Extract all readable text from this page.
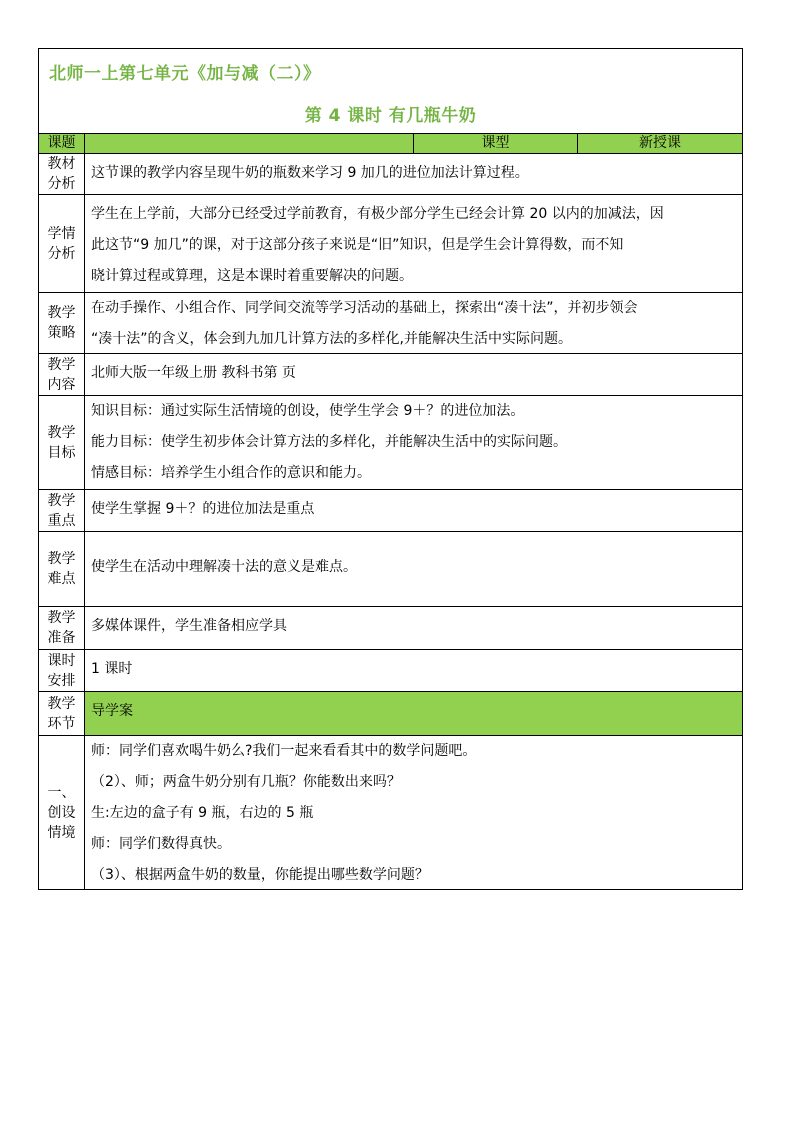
北师一上第七单元《加与减（二）》
第 4 课时 有几瓶牛奶
课题	课型	新授课
教材分析

这节课的教学内容呈现牛奶的瓶数来学习 9 加几的进位加法计算过程。

学情分析

学生在上学前，大部分已经受过学前教育，有极少部分学生已经会计算 20 以内的加减法，因

此这节“9 加几”的课，对于这部分孩子来说是“旧”知识，但是学生会计算得数，而不知

晓计算过程或算理，这是本课时着重要解决的问题。

教学策略

在动手操作、小组合作、同学间交流等学习活动的基础上，探索出“凑十法”，并初步领会

“凑十法”的含义，体会到九加几计算方法的多样化,并能解决生活中实际问题。

教学内容

北师大版一年级上册 教科书第 页

教学目标

知识目标：通过实际生活情境的创设，使学生学会 9＋？的进位加法。

能力目标：使学生初步体会计算方法的多样化，并能解决生活中的实际问题。

情感目标：培养学生小组合作的意识和能力。

教学重点

使学生掌握 9＋？的进位加法是重点

教学难点

使学生在活动中理解凑十法的意义是难点。

教学准备

多媒体课件，学生准备相应学具

课时安排

1 课时

教学环节

导学案

一、创设情境

师：同学们喜欢喝牛奶么?我们一起来看看其中的数学问题吧。

（2）、师；两盒牛奶分别有几瓶？你能数出来吗？

生:左边的盒子有 9 瓶，右边的 5 瓶

师：同学们数得真快。

（3）、根据两盒牛奶的数量，你能提出哪些数学问题？
